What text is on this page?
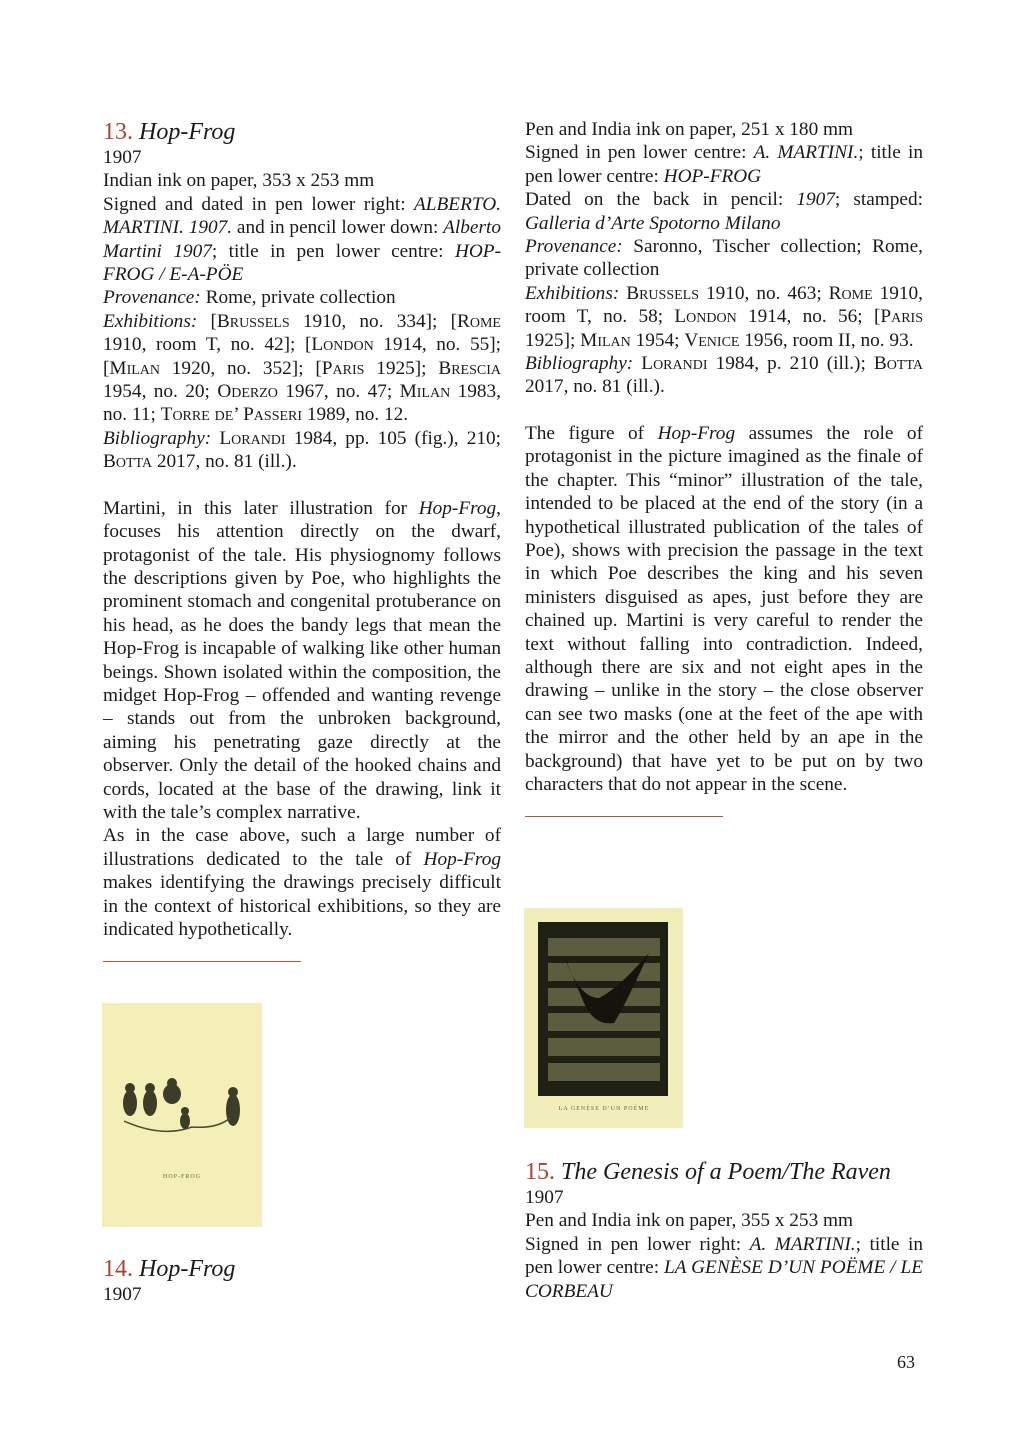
13. Hop-Frog

1907

Indian ink on paper, 353 x 253 mm

Signed and dated in pen lower right: ALBERTO. MARTINI. 1907. and in pencil lower down: Alberto Martini 1907; title in pen lower centre: HOP-FROG / E-A-PÖE

Provenance: Rome, private collection

Exhibitions: [Brussels 1910, no. 334]; [Rome 1910, room T, no. 42]; [London 1914, no. 55]; [Milan 1920, no. 352]; [Paris 1925]; Brescia 1954, no. 20; Oderzo 1967, no. 47; Milan 1983, no. 11; Torre de’ Passeri 1989, no. 12.

Bibliography: Lorandi 1984, pp. 105 (fig.), 210; Botta 2017, no. 81 (ill.).

Martini, in this later illustration for Hop-Frog, focuses his attention directly on the dwarf, protagonist of the tale. His physiognomy follows the descriptions given by Poe, who highlights the prominent stomach and congenital protuberance on his head, as he does the bandy legs that mean the Hop-Frog is incapable of walking like other human beings. Shown isolated within the composition, the midget Hop-Frog – offended and wanting revenge – stands out from the unbroken background, aiming his penetrating gaze directly at the observer. Only the detail of the hooked chains and cords, located at the base of the drawing, link it with the tale’s complex narrative.

As in the case above, such a large number of illustrations dedicated to the tale of Hop-Frog makes identifying the drawings precisely difficult in the context of historical exhibitions, so they are indicated hypothetically.

HOP-FROG

14. Hop-Frog

1907

Pen and India ink on paper, 251 x 180 mm

Signed in pen lower centre: A. MARTINI.; title in pen lower centre: HOP-FROG

Dated on the back in pencil: 1907; stamped: Galleria d’Arte Spotorno Milano

Provenance: Saronno, Tischer collection; Rome, private collection

Exhibitions: Brussels 1910, no. 463; Rome 1910, room T, no. 58; London 1914, no. 56; [Paris 1925]; Milan 1954; Venice 1956, room II, no. 93.

Bibliography: Lorandi 1984, p. 210 (ill.); Botta 2017, no. 81 (ill.).

The figure of Hop-Frog assumes the role of protagonist in the picture imagined as the finale of the chapter. This “minor” illustration of the tale, intended to be placed at the end of the story (in a hypothetical illustrated publication of the tales of Poe), shows with precision the passage in the text in which Poe describes the king and his seven ministers disguised as apes, just before they are chained up. Martini is very careful to render the text without falling into contradiction. Indeed, although there are six and not eight apes in the drawing – unlike in the story – the close observer can see two masks (one at the feet of the ape with the mirror and the other held by an ape in the background) that have yet to be put on by two characters that do not appear in the scene.

LA GENÈSE D’UN POÈME

15. The Genesis of a Poem/The Raven

1907

Pen and India ink on paper, 355 x 253 mm

Signed in pen lower right: A. MARTINI.; title in pen lower centre: LA GENÈSE D’UN POËME / LE CORBEAU

63
